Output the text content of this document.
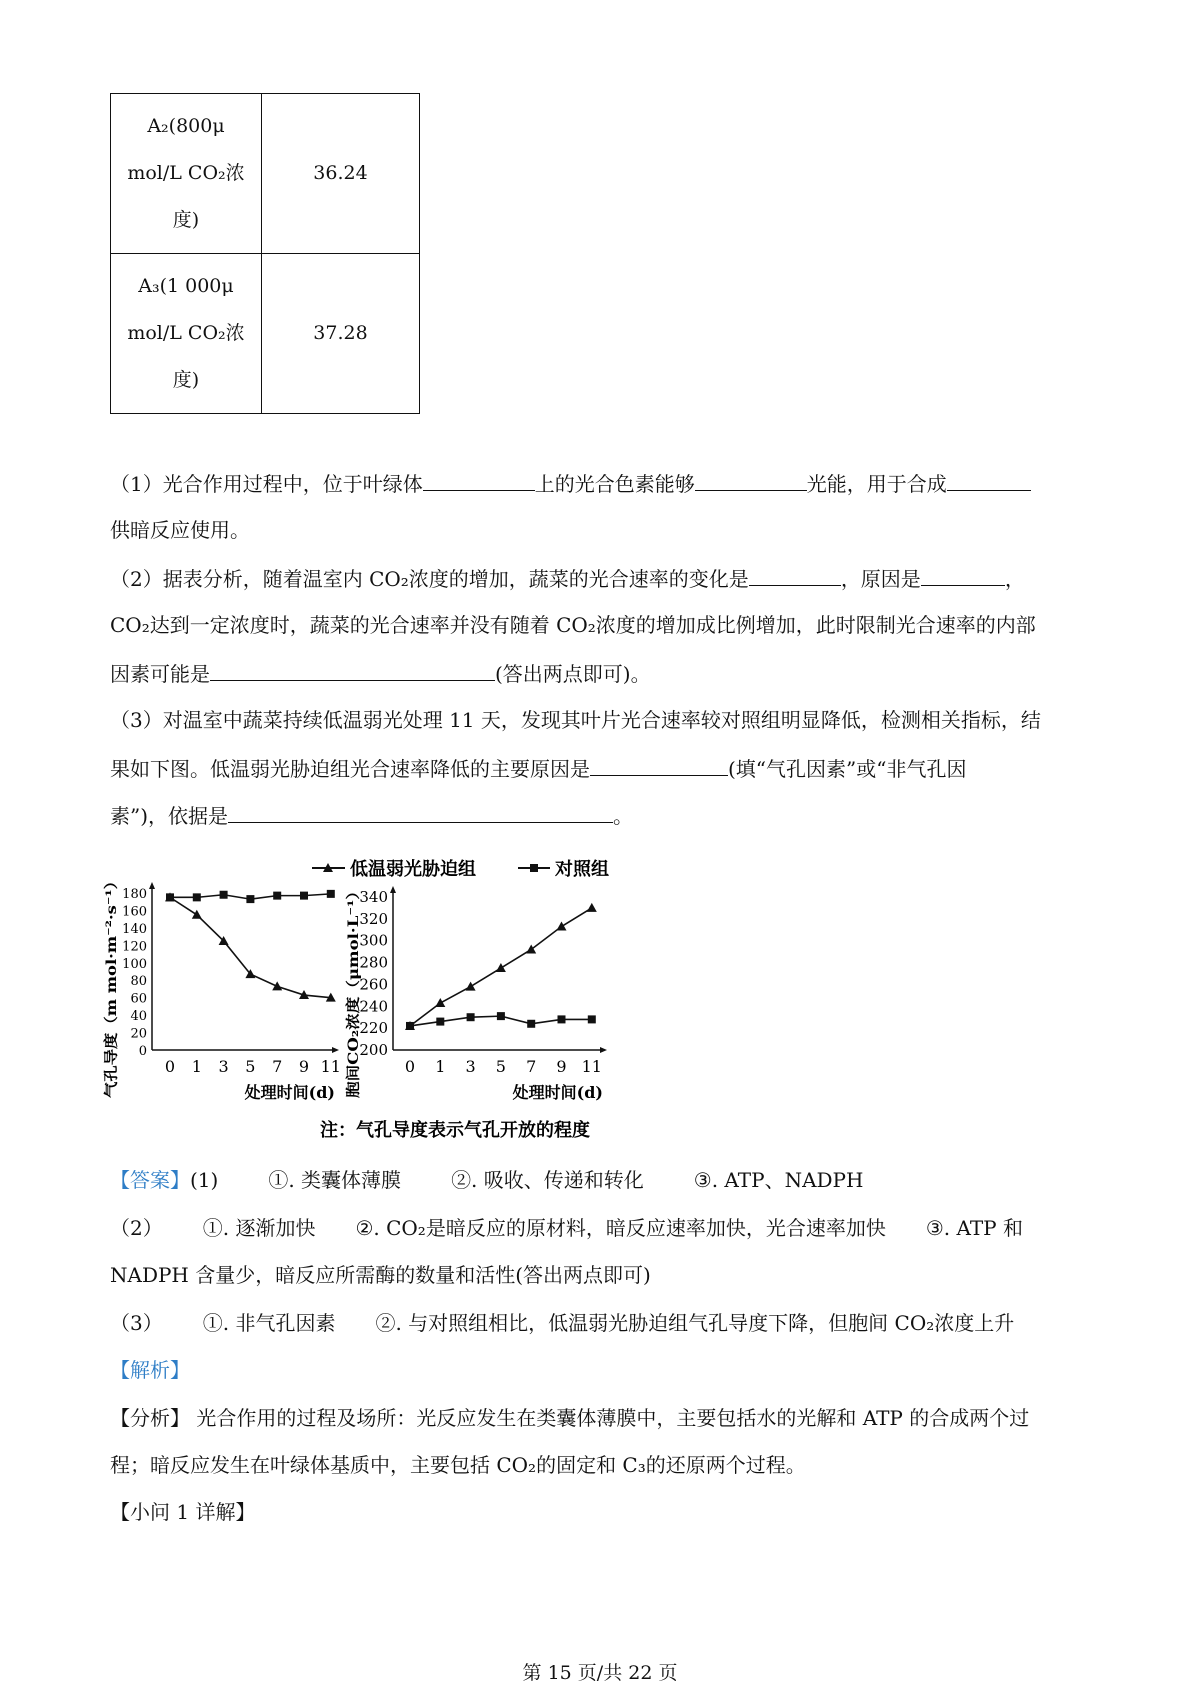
A₂(800μ
mol/L CO₂浓
度)	36.24

A₃(1 000μ
mol/L CO₂浓
度)	37.28
（1）光合作用过程中，位于叶绿体	上的光合色素能够	光能，用于合成
供暗反应使用。
（2）据表分析，随着温室内 CO₂浓度的增加，蔬菜的光合速率的变化是	，原因是	，
CO₂达到一定浓度时，蔬菜的光合速率并没有随着 CO₂浓度的增加成比例增加，此时限制光合速率的内部
因素可能是	(答出两点即可)。
（3）对温室中蔬菜持续低温弱光处理 11 天，发现其叶片光合速率较对照组明显降低，检测相关指标，结
果如下图。低温弱光胁迫组光合速率降低的主要原因是	(填“气孔因素”或“非气孔因
素”)，依据是	。
低温弱光胁迫组	对照组
0
20
40
60
80
100
120
140
160
180
0 1 3 5 7 9 11
处理时间(d)
气孔导度（m mol·m⁻²·s⁻¹）	200
220
240
260
280
300
320
340
0 1 3 5 7 9 11
处理时间(d)
胞间CO₂浓度（μmol·L⁻¹）
注：气孔导度表示气孔开放的程度
【答案】(1)	①. 类囊体薄膜	②. 吸收、传递和转化	③. ATP、NADPH
（2） ①. 逐渐加快 ②. CO₂是暗反应的原材料，暗反应速率加快，光合速率加快 ③. ATP 和
NADPH 含量少，暗反应所需酶的数量和活性(答出两点即可)
（3） ①. 非气孔因素 ②. 与对照组相比，低温弱光胁迫组气孔导度下降，但胞间 CO₂浓度上升
【解析】
【分析】 光合作用的过程及场所：光反应发生在类囊体薄膜中，主要包括水的光解和 ATP 的合成两个过
程；暗反应发生在叶绿体基质中，主要包括 CO₂的固定和 C₃的还原两个过程。
【小问 1 详解】
第 15 页/共 22 页
